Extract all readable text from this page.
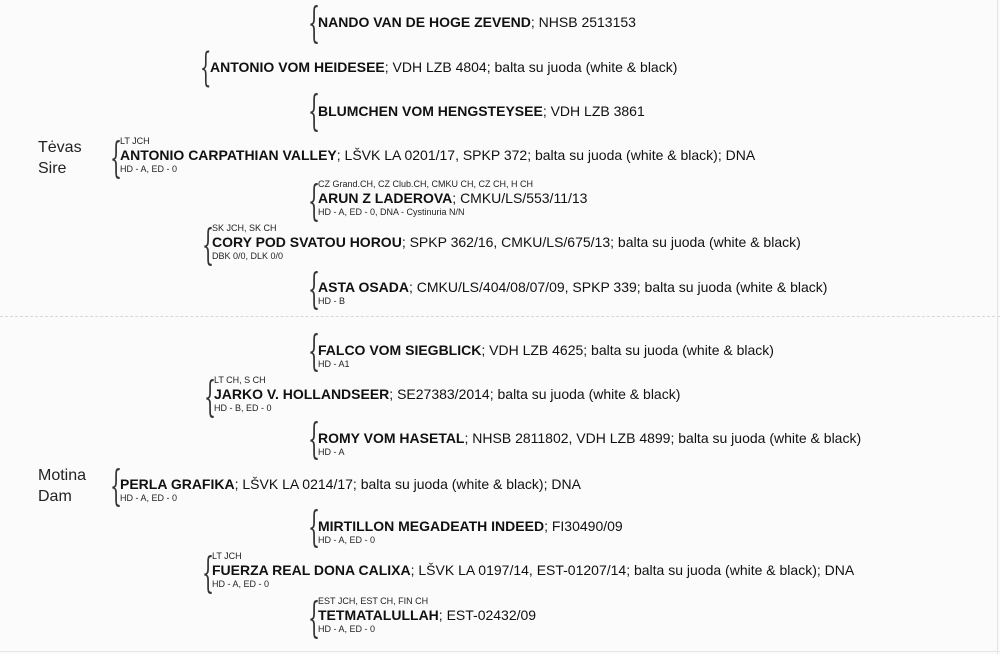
Tėvas
Sire
Motina
Dam
{
NANDO VAN DE HOGE ZEVEND; NHSB 2513153
{
ANTONIO VOM HEIDESEE; VDH LZB 4804; balta su juoda (white & black)
{
BLUMCHEN VOM HENGSTEYSEE; VDH LZB 3861
{
LT JCH
ANTONIO CARPATHIAN VALLEY; LŠVK LA 0201/17, SPKP 372; balta su juoda (white & black); DNA
HD - A, ED - 0
{
CZ Grand.CH, CZ Club.CH, CMKU CH, CZ CH, H CH
ARUN Z LADEROVA; CMKU/LS/553/11/13
HD - A, ED - 0, DNA - Cystinuria N/N
{
SK JCH, SK CH
CORY POD SVATOU HOROU; SPKP 362/16, CMKU/LS/675/13; balta su juoda (white & black)
DBK 0/0, DLK 0/0
{
ASTA OSADA; CMKU/LS/404/08/07/09, SPKP 339; balta su juoda (white & black)
HD - B
{
FALCO VOM SIEGBLICK; VDH LZB 4625; balta su juoda (white & black)
HD - A1
{
LT CH, S CH
JARKO V. HOLLANDSEER; SE27383/2014; balta su juoda (white & black)
HD - B, ED - 0
{
ROMY VOM HASETAL; NHSB 2811802, VDH LZB 4899; balta su juoda (white & black)
HD - A
{
PERLA GRAFIKA; LŠVK LA 0214/17; balta su juoda (white & black); DNA
HD - A, ED - 0
{
MIRTILLON MEGADEATH INDEED; FI30490/09
HD - A, ED - 0
{
LT JCH
FUERZA REAL DONA CALIXA; LŠVK LA 0197/14, EST-01207/14; balta su juoda (white & black); DNA
HD - A, ED - 0
{
EST JCH, EST CH, FIN CH
TETMATALULLAH; EST-02432/09
HD - A, ED - 0
